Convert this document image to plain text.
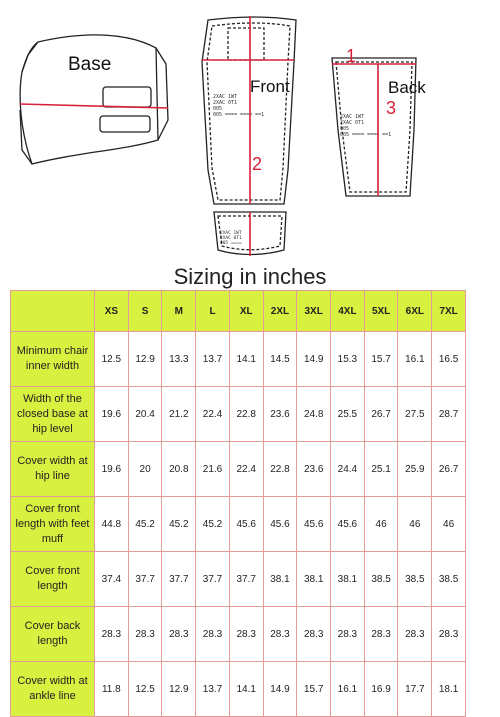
Base
2XAC 1WT
2XAC 0T1
005
005 ==== ==== ==1
Front
2
2XAC 1WT
2XAC 0T1
005 ====
2XAC 1WT
2XAC 0T1
005
005 ==== ==== ==1
1
Back
3
Sizing in inches
	XS	S	M	L	XL	2XL	3XL	4XL	5XL	6XL	7XL
Minimum chair inner width	12.5	12.9	13.3	13.7	14.1	14.5	14.9	15.3	15.7	16.1	16.5
Width of the closed base at hip level	19.6	20.4	21.2	22.4	22.8	23.6	24.8	25.5	26.7	27.5	28.7
Cover width at hip line	19.6	20	20.8	21.6	22.4	22.8	23.6	24.4	25.1	25.9	26.7
Cover front length with feet muff	44.8	45.2	45.2	45.2	45.6	45.6	45.6	45.6	46	46	46
Cover front length	37.4	37.7	37.7	37.7	37.7	38.1	38.1	38.1	38.5	38.5	38.5
Cover back length	28.3	28.3	28.3	28.3	28.3	28.3	28.3	28.3	28.3	28.3	28.3
Cover width at ankle line	11.8	12.5	12.9	13.7	14.1	14.9	15.7	16.1	16.9	17.7	18.1
